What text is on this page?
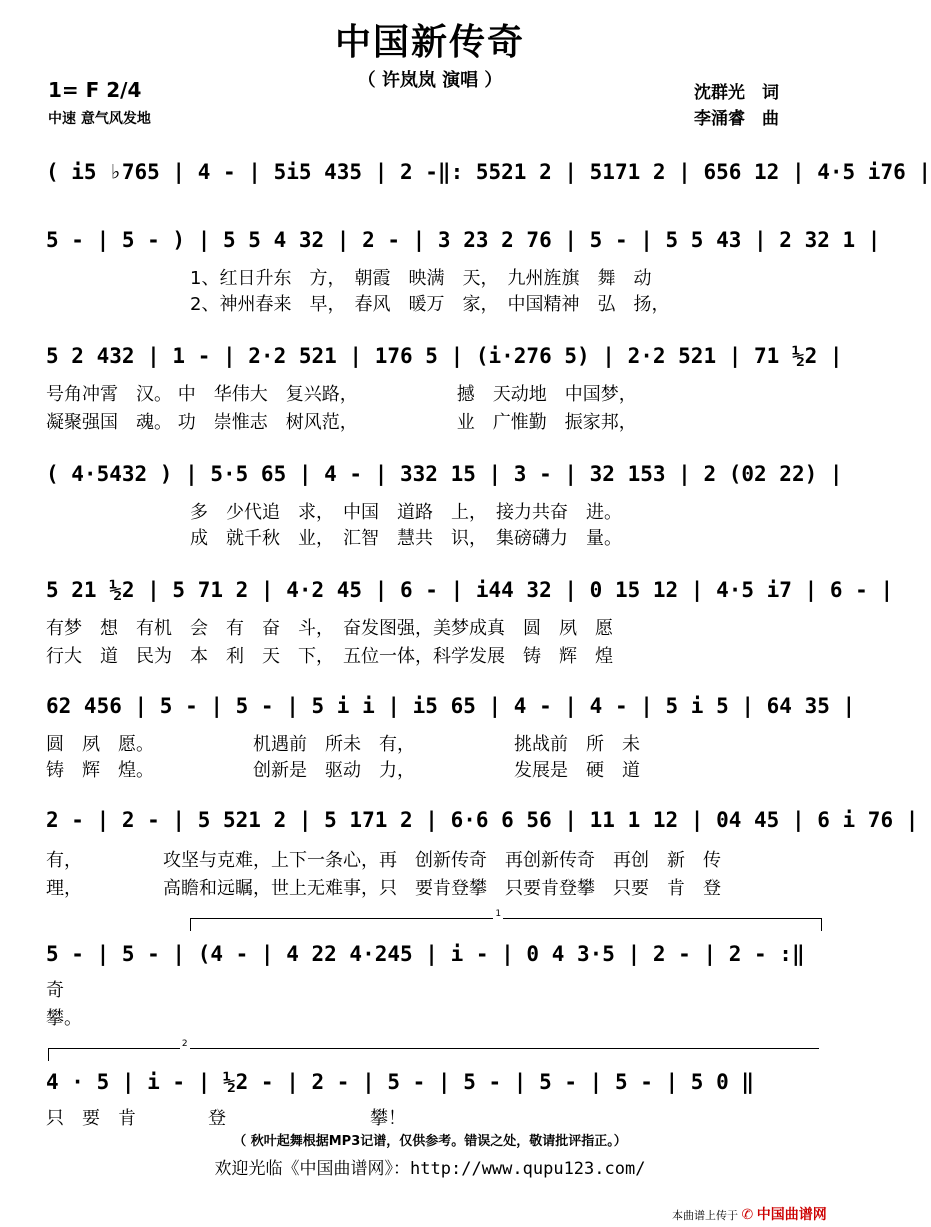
中国新传奇
（ 许岚岚 演唱 ）
1= F 2/4
中速 意气风发地
沈群光　词
李涌睿　曲
( i5 ♭765 | 4 - | 5i5 435 | 2 -‖: 5521 2 | 5171 2 | 656 12 | 4·5 i76 |
5 - | 5 - ) | 5 5 4 32 | 2 - | 3 23 2 76 | 5 - | 5 5 43 | 2 32 1 |
　　　　　　　　1、红日升东　方，　朝霞　映满　天，　九州旌旗　舞　动
　　　　　　　　2、神州春来　早，　春风　暖万　家，　中国精神　弘　扬，
5 2 432 | 1 - | 2·2 521 | 176 5 | (i·276 5) | 2·2 521 | 71 ½2 |
号角冲霄　汉。 中　华伟大　复兴路，　　　　　　撼　天动地　中国梦，
凝聚强国　魂。 功　崇惟志　树风范，　　　　　　业　广惟勤　振家邦，
( 4·5432 ) | 5·5 65 | 4 - | 332 15 | 3 - | 32 153 | 2 (02 22) |
　　　　　　　　多　少代追　求，　中国　道路　上，　接力共奋　进。
　　　　　　　　成　就千秋　业，　汇智　慧共　识，　集磅礴力　量。
5 21 ½2 | 5 71 2 | 4·2 45 | 6 - | i44 32 | 0 15 12 | 4·5 i7 | 6 - |
有梦　想　有机　会　有　奋　斗，　奋发图强，美梦成真　圆　夙　愿
行大　道　民为　本　利　天　下，　五位一体，科学发展　铸　辉　煌
62 456 | 5 - | 5 - | 5 i i | i5 65 | 4 - | 4 - | 5 i 5 | 64 35 |
圆　夙　愿。　　　　　　机遇前　所未　有，　　　　　　挑战前　所　未
铸　辉　煌。　　　　　　创新是　驱动　力，　　　　　　发展是　硬　道
2 - | 2 - | 5 521 2 | 5 171 2 | 6·6 6 56 | 11 1 12 | 04 45 | 6 i 76 |
有，　　　　　攻坚与克难，上下一条心，再　创新传奇　再创新传奇　再创　新　传
理，　　　　　高瞻和远瞩，世上无难事，只　要肯登攀　只要肯登攀　只要　肯　登
1
5 - | 5 - | (4 - | 4 22 4·245 | i - | 0 4 3·5 | 2 - | 2 - :‖
奇
攀。
2
4 · 5 | i - | ½2 - | 2 - | 5 - | 5 - | 5 - | 5 - | 5 0 ‖
只　要　肯　　　　登　　　　　　　　攀！
（ 秋叶起舞根据MP3记谱，仅供参考。错误之处，敬请批评指正。）
欢迎光临《中国曲谱网》：http://www.qupu123.com/
本曲谱上传于 ✆ 中国曲谱网
